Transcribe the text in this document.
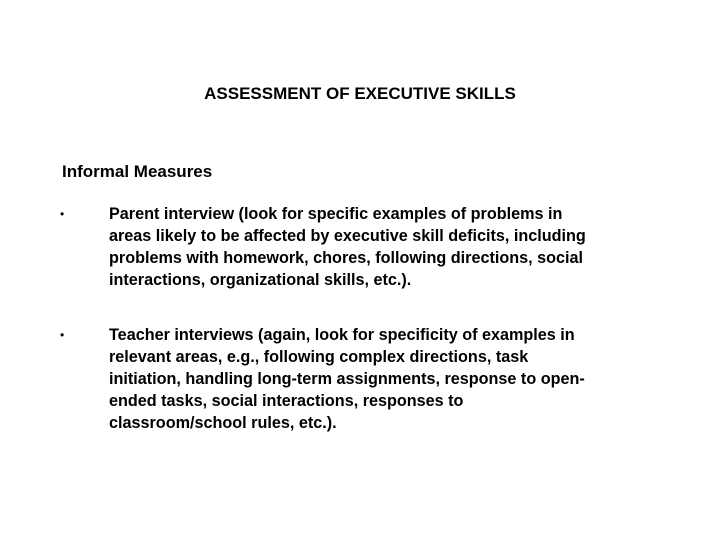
ASSESSMENT OF EXECUTIVE SKILLS
Informal Measures
•	Parent interview (look for specific examples of problems in
areas likely to be affected by executive skill deficits, including
problems with homework, chores, following directions, social
interactions, organizational skills, etc.).
•	Teacher interviews (again, look for specificity of examples in
relevant areas, e.g., following complex directions, task
initiation, handling long-term assignments, response to open-
ended tasks, social interactions, responses to
classroom/school rules, etc.).
